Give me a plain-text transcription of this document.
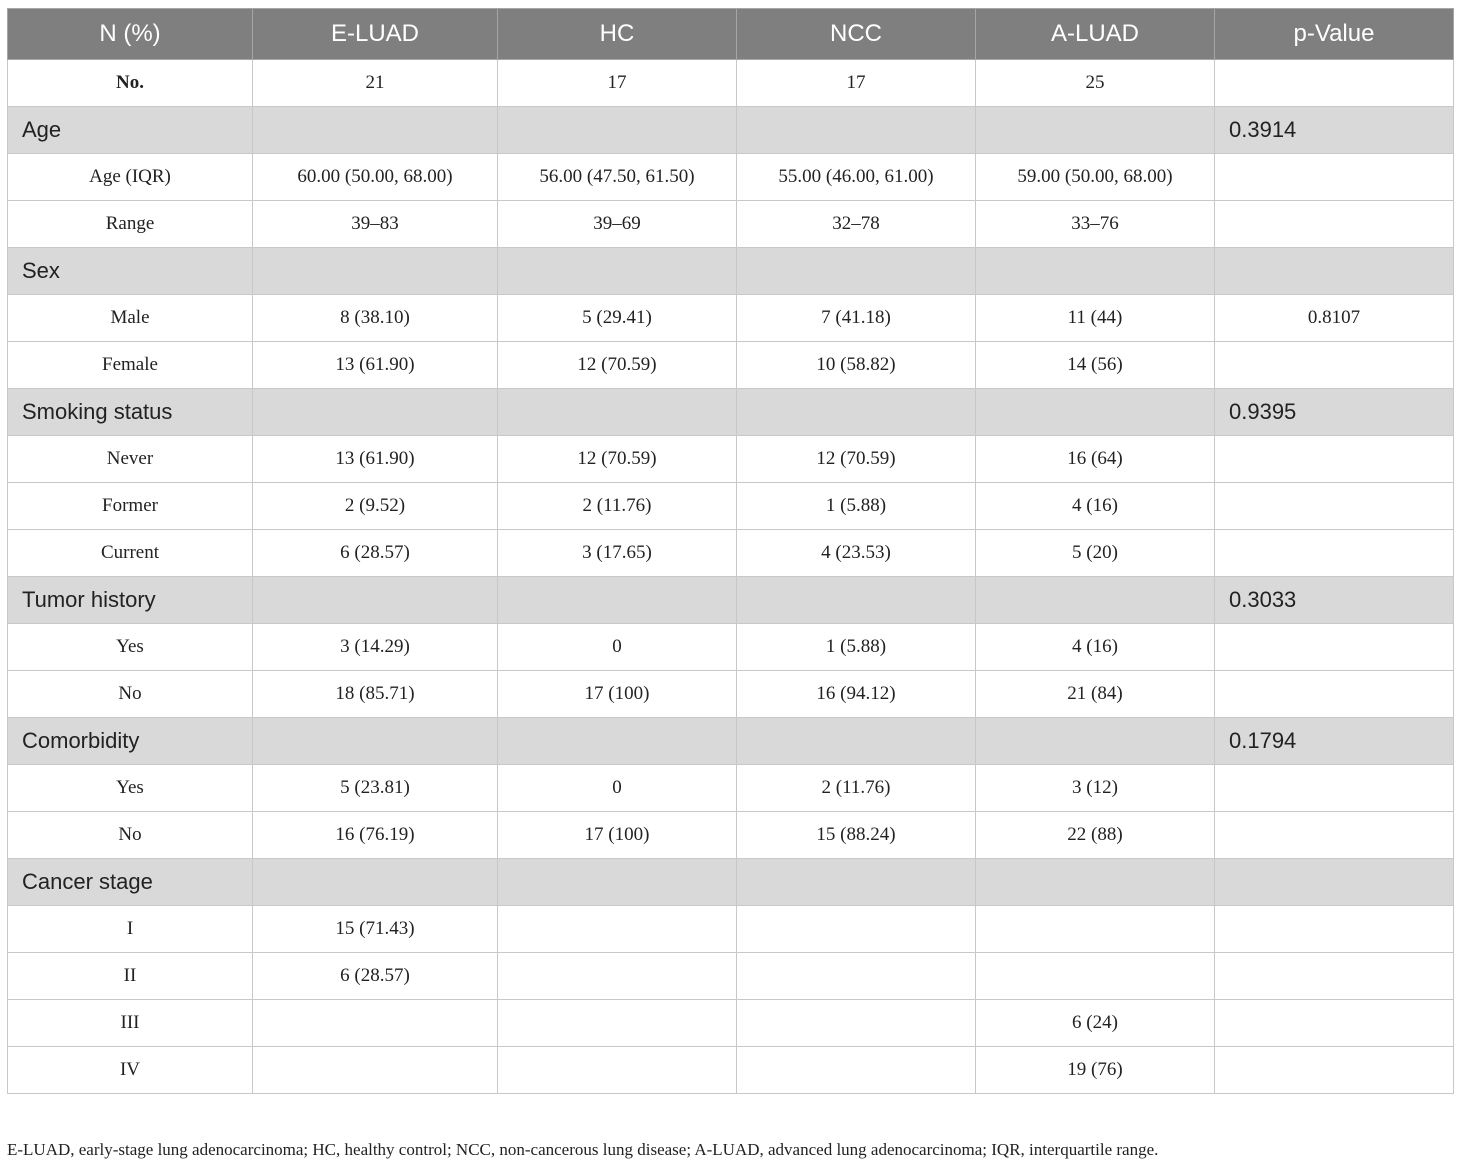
N (%)	E-LUAD	HC	NCC	A-LUAD	p-Value
No.	21	17	17	25	
Age					0.3914
Age (IQR)	60.00 (50.00, 68.00)	56.00 (47.50, 61.50)	55.00 (46.00, 61.00)	59.00 (50.00, 68.00)	
Range	39–83	39–69	32–78	33–76	
Sex					
Male	8 (38.10)	5 (29.41)	7 (41.18)	11 (44)	0.8107
Female	13 (61.90)	12 (70.59)	10 (58.82)	14 (56)	
Smoking status					0.9395
Never	13 (61.90)	12 (70.59)	12 (70.59)	16 (64)	
Former	2 (9.52)	2 (11.76)	1 (5.88)	4 (16)	
Current	6 (28.57)	3 (17.65)	4 (23.53)	5 (20)	
Tumor history					0.3033
Yes	3 (14.29)	0	1 (5.88)	4 (16)	
No	18 (85.71)	17 (100)	16 (94.12)	21 (84)	
Comorbidity					0.1794
Yes	5 (23.81)	0	2 (11.76)	3 (12)	
No	16 (76.19)	17 (100)	15 (88.24)	22 (88)	
Cancer stage					
I	15 (71.43)				
II	6 (28.57)				
III				6 (24)	
IV				19 (76)	
E-LUAD, early-stage lung adenocarcinoma; HC, healthy control; NCC, non-cancerous lung disease; A-LUAD, advanced lung adenocarcinoma; IQR, interquartile range.
